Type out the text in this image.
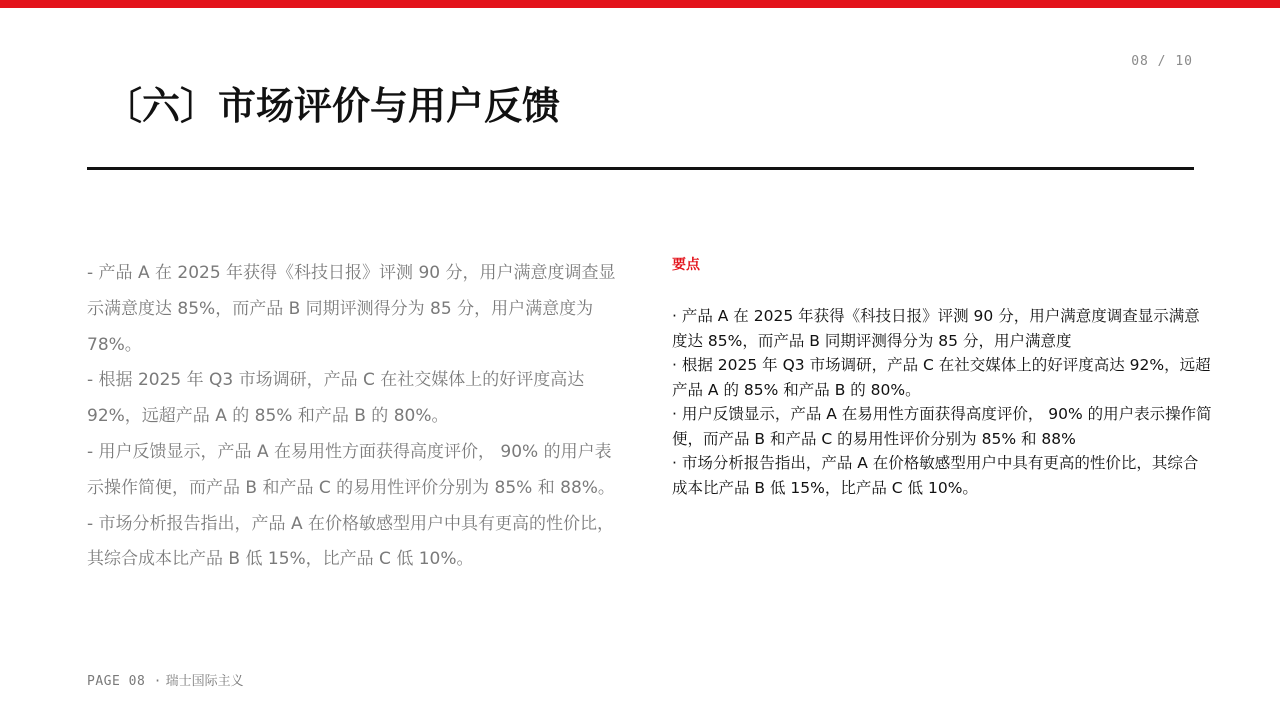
08 / 10
〔六〕市场评价与用户反馈

- 产品 A 在 2025 年获得《科技日报》评测 90 分，用户满意度调查显示满意度达 85%，而产品 B 同期评测得分为 85 分，用户满意度为 78%。

- 根据 2025 年 Q3 市场调研，产品 C 在社交媒体上的好评度高达 92%，远超产品 A 的 85% 和产品 B 的 80%。

- 用户反馈显示，产品 A 在易用性方面获得高度评价， 90% 的用户表示操作简便，而产品 B 和产品 C 的易用性评价分别为 85% 和 88%。

- 市场分析报告指出，产品 A 在价格敏感型用户中具有更高的性价比，其综合成本比产品 B 低 15%，比产品 C 低 10%。

要点

· 产品 A 在 2025 年获得《科技日报》评测 90 分，用户满意度调查显示满意度达 85%，而产品 B 同期评测得分为 85 分，用户满意度

· 根据 2025 年 Q3 市场调研，产品 C 在社交媒体上的好评度高达 92%，远超产品 A 的 85% 和产品 B 的 80%。

· 用户反馈显示，产品 A 在易用性方面获得高度评价， 90% 的用户表示操作简便，而产品 B 和产品 C 的易用性评价分别为 85% 和 88%

· 市场分析报告指出，产品 A 在价格敏感型用户中具有更高的性价比，其综合成本比产品 B 低 15%，比产品 C 低 10%。

PAGE 08 · 瑞士国际主义
